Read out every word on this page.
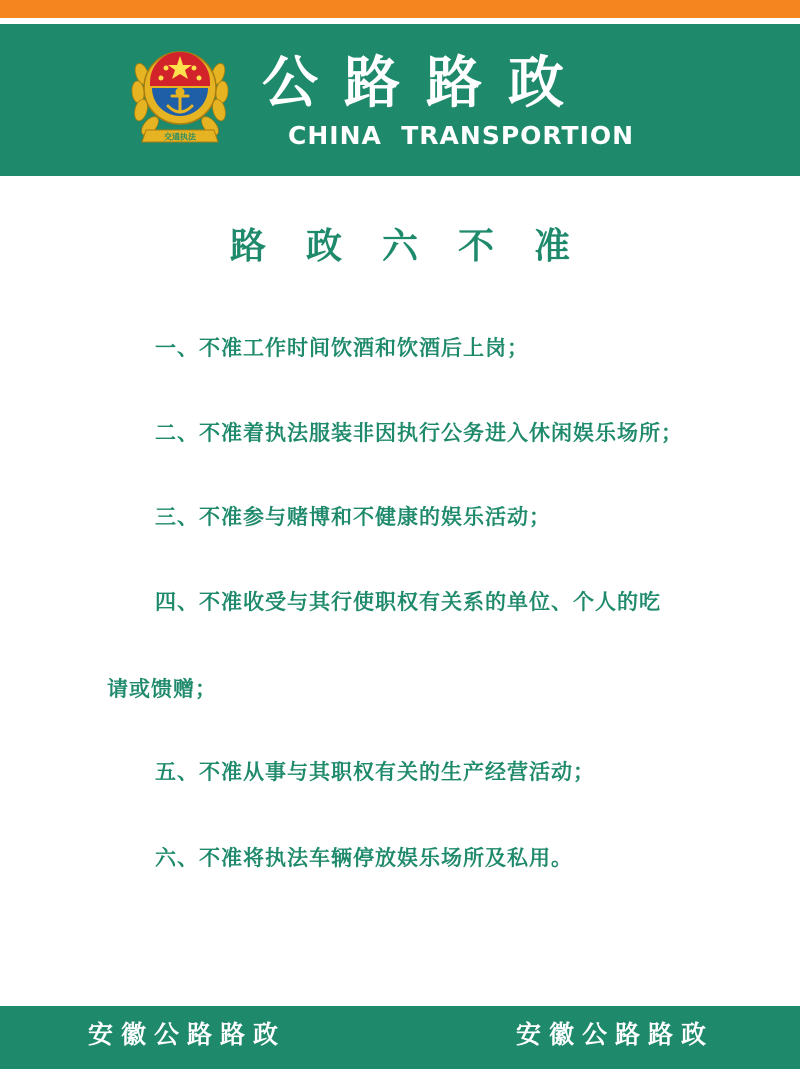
交通执法
公路路政
CHINA  TRANSPORTION
路政六不准
一、不准工作时间饮酒和饮酒后上岗；
二、不准着执法服装非因执行公务进入休闲娱乐场所；
三、不准参与赌博和不健康的娱乐活动；
四、不准收受与其行使职权有关系的单位、个人的吃
请或馈赠；
五、不准从事与其职权有关的生产经营活动；
六、不准将执法车辆停放娱乐场所及私用。
安徽公路路政	安徽公路路政
